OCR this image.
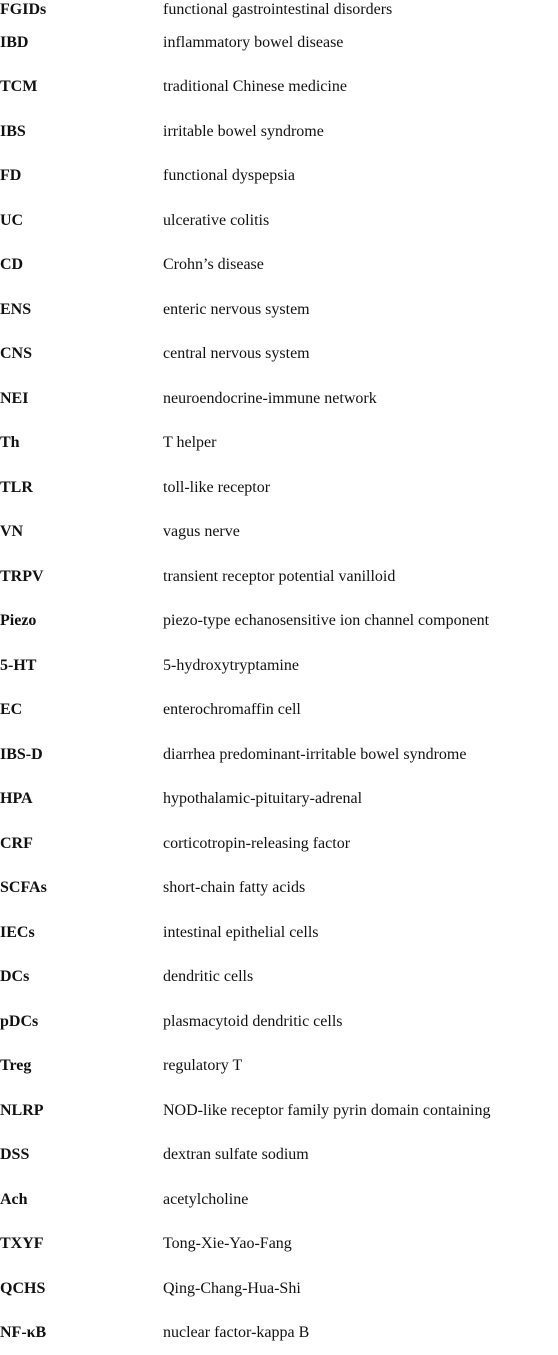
FGIDs	functional gastrointestinal disorders
IBD	inflammatory bowel disease
TCM	traditional Chinese medicine
IBS	irritable bowel syndrome
FD	functional dyspepsia
UC	ulcerative colitis
CD	Crohn’s disease
ENS	enteric nervous system
CNS	central nervous system
NEI	neuroendocrine-immune network
Th	T helper
TLR	toll-like receptor
VN	vagus nerve
TRPV	transient receptor potential vanilloid
Piezo	piezo-type echanosensitive ion channel component
5-HT	5-hydroxytryptamine
EC	enterochromaffin cell
IBS-D	diarrhea predominant-irritable bowel syndrome
HPA	hypothalamic-pituitary-adrenal
CRF	corticotropin-releasing factor
SCFAs	short-chain fatty acids
IECs	intestinal epithelial cells
DCs	dendritic cells
pDCs	plasmacytoid dendritic cells
Treg	regulatory T
NLRP	NOD-like receptor family pyrin domain containing
DSS	dextran sulfate sodium
Ach	acetylcholine
TXYF	Tong-Xie-Yao-Fang
QCHS	Qing-Chang-Hua-Shi
NF-κB	nuclear factor-kappa B
